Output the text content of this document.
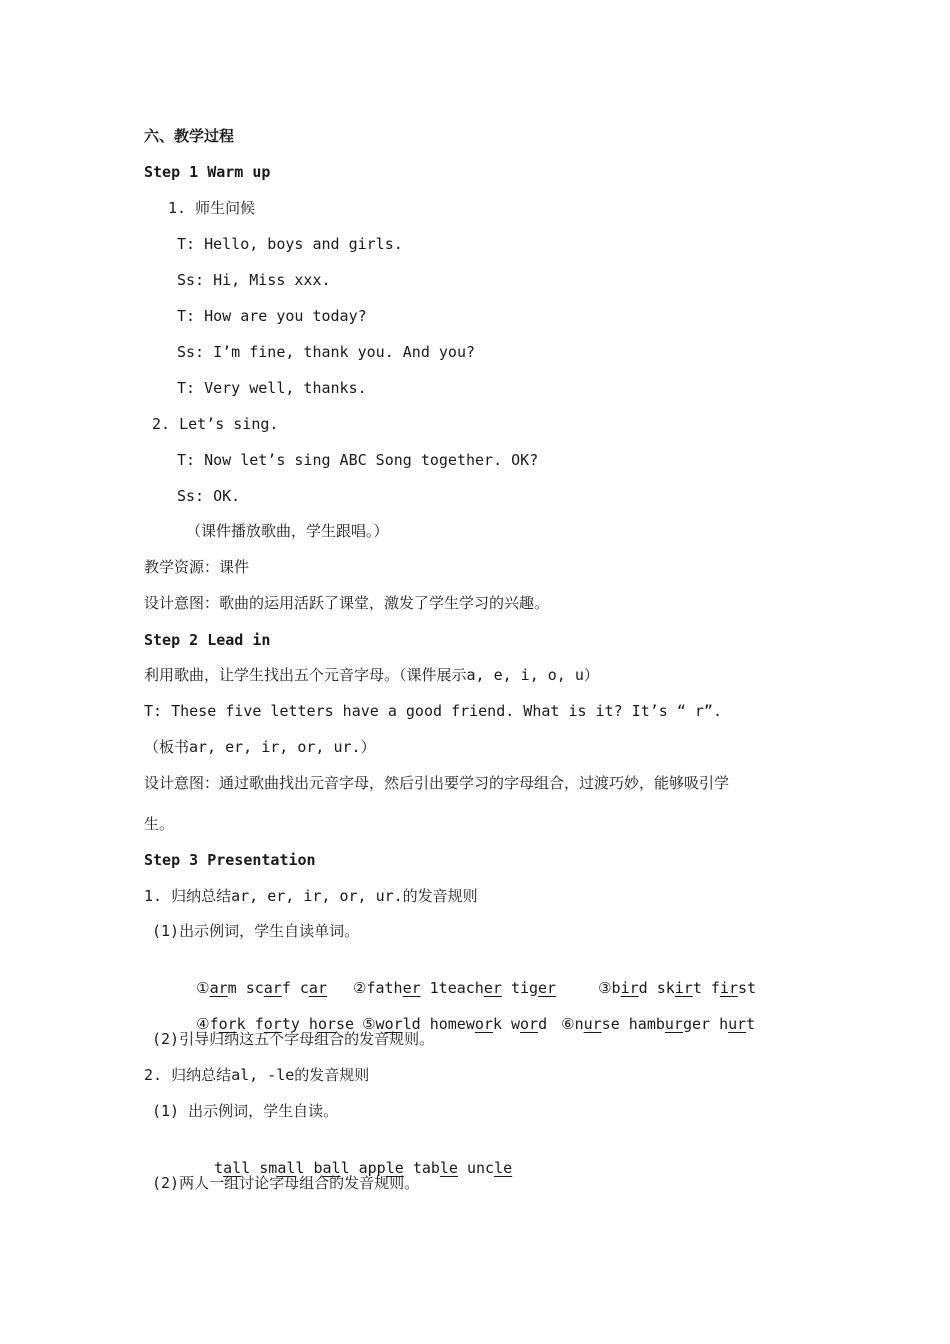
六、教学过程
Step 1 Warm up
1. 师生问候
T: Hello, boys and girls.
Ss: Hi, Miss xxx.
T: How are you today?
Ss: I’m fine, thank you. And you?
T: Very well, thanks.
2. Let’s sing.
T: Now let’s sing ABC Song together. OK?
Ss: OK.
（课件播放歌曲，学生跟唱。）
教学资源：课件
设计意图：歌曲的运用活跃了课堂，激发了学生学习的兴趣。
Step 2 Lead in
利用歌曲，让学生找出五个元音字母。（课件展示a, e, i, o, u）
T: These five letters have a good friend. What is it? It’s “ r”.
（板书ar, er, ir, or, ur.）
设计意图：通过歌曲找出元音字母，然后引出要学习的字母组合，过渡巧妙，能够吸引学
生。
Step 3 Presentation
1. 归纳总结ar, er, ir, or, ur.的发音规则
(1)出示例词，学生自读单词。

①arm scarf car ②father 1teacher tiger	③bird skirt first

④fork forty horse ⑤world homework word ⑥nurse hamburger hurt

(2)引导归纳这五个字母组合的发音规则。
2. 归纳总结al, -le的发音规则
(1) 出示例词，学生自读。

tall small ball apple table uncle

(2)两人一组讨论字母组合的发音规则。
